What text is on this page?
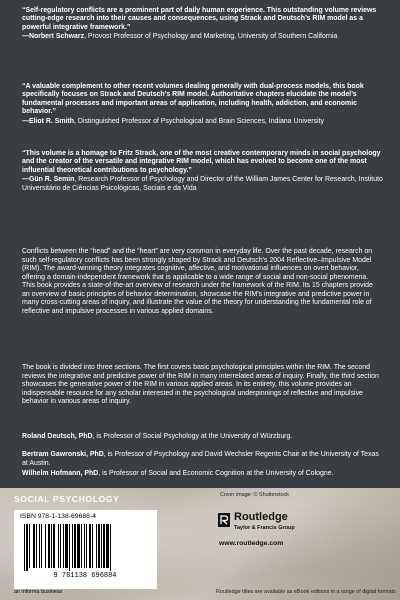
“Self-regulatory conflicts are a prominent part of daily human experience. This outstanding volume reviews cutting-edge research into their causes and consequences, using Strack and Deutsch’s RIM model as a powerful integrative framework.”

—Norbert Schwarz, Provost Professor of Psychology and Marketing, University of Southern California

“A valuable complement to other recent volumes dealing generally with dual-process models, this book specifically focuses on Strack and Deutsch’s RIM model. Authoritative chapters elucidate the model’s fundamental processes and important areas of application, including health, addiction, and economic behavior.”

—Eliot R. Smith, Distinguished Professor of Psychological and Brain Sciences, Indiana University

“This volume is a homage to Fritz Strack, one of the most creative contemporary minds in social psychology and the creator of the versatile and integrative RIM model, which has evolved to become one of the most influential theoretical contributions to psychology.”

—Gün R. Semin, Research Professor of Psychology and Director of the William James Center for Research, Instituto Universitário de Ciências Psicológicas, Sociais e da Vida

Conflicts between the “head” and the “heart” are very common in everyday life. Over the past decade, research on such self-regulatory conflicts has been strongly shaped by Strack and Deutsch’s 2004 Reflective–Impulsive Model (RIM). The award-winning theory integrates cognitive, affective, and motivational influences on overt behavior, offering a domain-independent framework that is applicable to a wide range of social and non-social phenomena. This book provides a state-of-the-art overview of research under the framework of the RIM. Its 15 chapters provide an overview of basic principles of behavior determination, showcase the RIM’s integrative and predictive power in many cross-cutting areas of inquiry, and illustrate the value of the theory for understanding the fundamental role of reflective and impulsive processes in various applied domains.

The book is divided into three sections. The first covers basic psychological principles within the RIM. The second reviews the integrative and predictive power of the RIM in many interrelated areas of inquiry. Finally, the third section showcases the generative power of the RIM in various applied areas. In its entirety, this volume provides an indispensable resource for any scholar interested in the psychological underpinnings of reflective and impulsive behavior in various areas of inquiry.

Roland Deutsch, PhD, is Professor of Social Psychology at the University of Würzburg.

Bertram Gawronski, PhD, is Professor of Psychology and David Wechsler Regents Chair at the University of Texas at Austin.

Wilhelm Hofmann, PhD, is Professor of Social and Economic Cognition at the University of Cologne.

SOCIAL PSYCHOLOGY
ISBN 978-1-138-69688-4
9 781138 696884
an informa business
Cover image: © Shutterstock
Routledge
Taylor & Francis Group
www.routledge.com
Routledge titles are available as eBook editions in a range of digital formats
